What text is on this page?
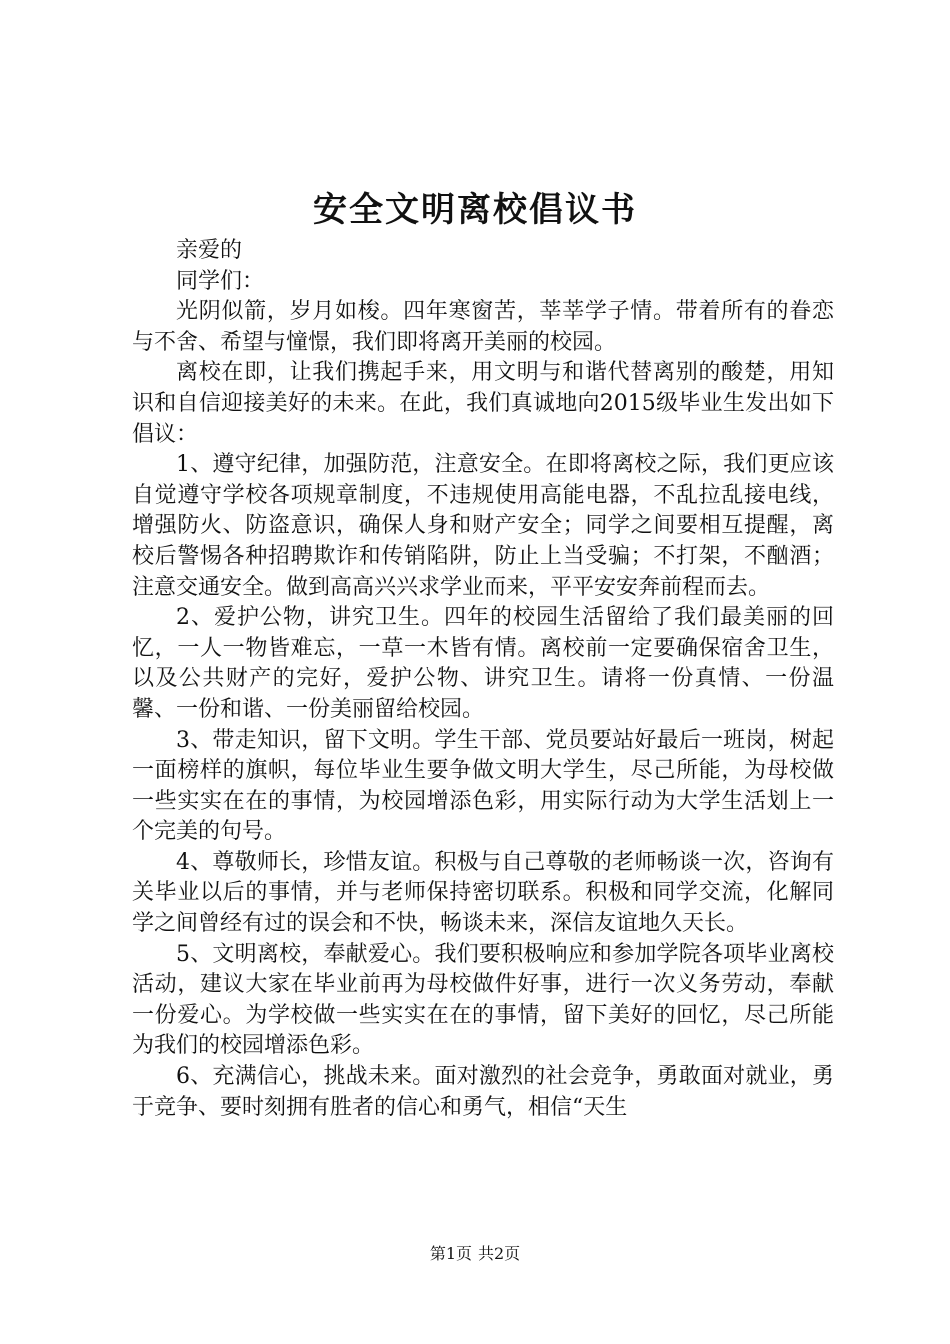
安全文明离校倡议书

亲爱的

同学们：

光阴似箭，岁月如梭。四年寒窗苦，莘莘学子情。带着所有的眷恋与不舍、希望与憧憬，我们即将离开美丽的校园。

离校在即，让我们携起手来，用文明与和谐代替离别的酸楚，用知识和自信迎接美好的未来。在此，我们真诚地向2015级毕业生发出如下倡议：

1、遵守纪律，加强防范，注意安全。在即将离校之际，我们更应该自觉遵守学校各项规章制度，不违规使用高能电器，不乱拉乱接电线，增强防火、防盗意识，确保人身和财产安全；同学之间要相互提醒，离校后警惕各种招聘欺诈和传销陷阱，防止上当受骗；不打架，不酗酒；注意交通安全。做到高高兴兴求学业而来，平平安安奔前程而去。

2、爱护公物，讲究卫生。四年的校园生活留给了我们最美丽的回忆，一人一物皆难忘，一草一木皆有情。离校前一定要确保宿舍卫生，以及公共财产的完好，爱护公物、讲究卫生。请将一份真情、一份温馨、一份和谐、一份美丽留给校园。

3、带走知识，留下文明。学生干部、党员要站好最后一班岗，树起一面榜样的旗帜，每位毕业生要争做文明大学生，尽己所能，为母校做一些实实在在的事情，为校园增添色彩，用实际行动为大学生活划上一个完美的句号。

4、尊敬师长，珍惜友谊。积极与自己尊敬的老师畅谈一次，咨询有关毕业以后的事情，并与老师保持密切联系。积极和同学交流，化解同学之间曾经有过的误会和不快，畅谈未来，深信友谊地久天长。

5、文明离校，奉献爱心。我们要积极响应和参加学院各项毕业离校活动，建议大家在毕业前再为母校做件好事，进行一次义务劳动，奉献一份爱心。为学校做一些实实在在的事情，留下美好的回忆，尽己所能为我们的校园增添色彩。

6、充满信心，挑战未来。面对激烈的社会竞争，勇敢面对就业，勇于竞争、要时刻拥有胜者的信心和勇气，相信“天生

第1页 共2页
